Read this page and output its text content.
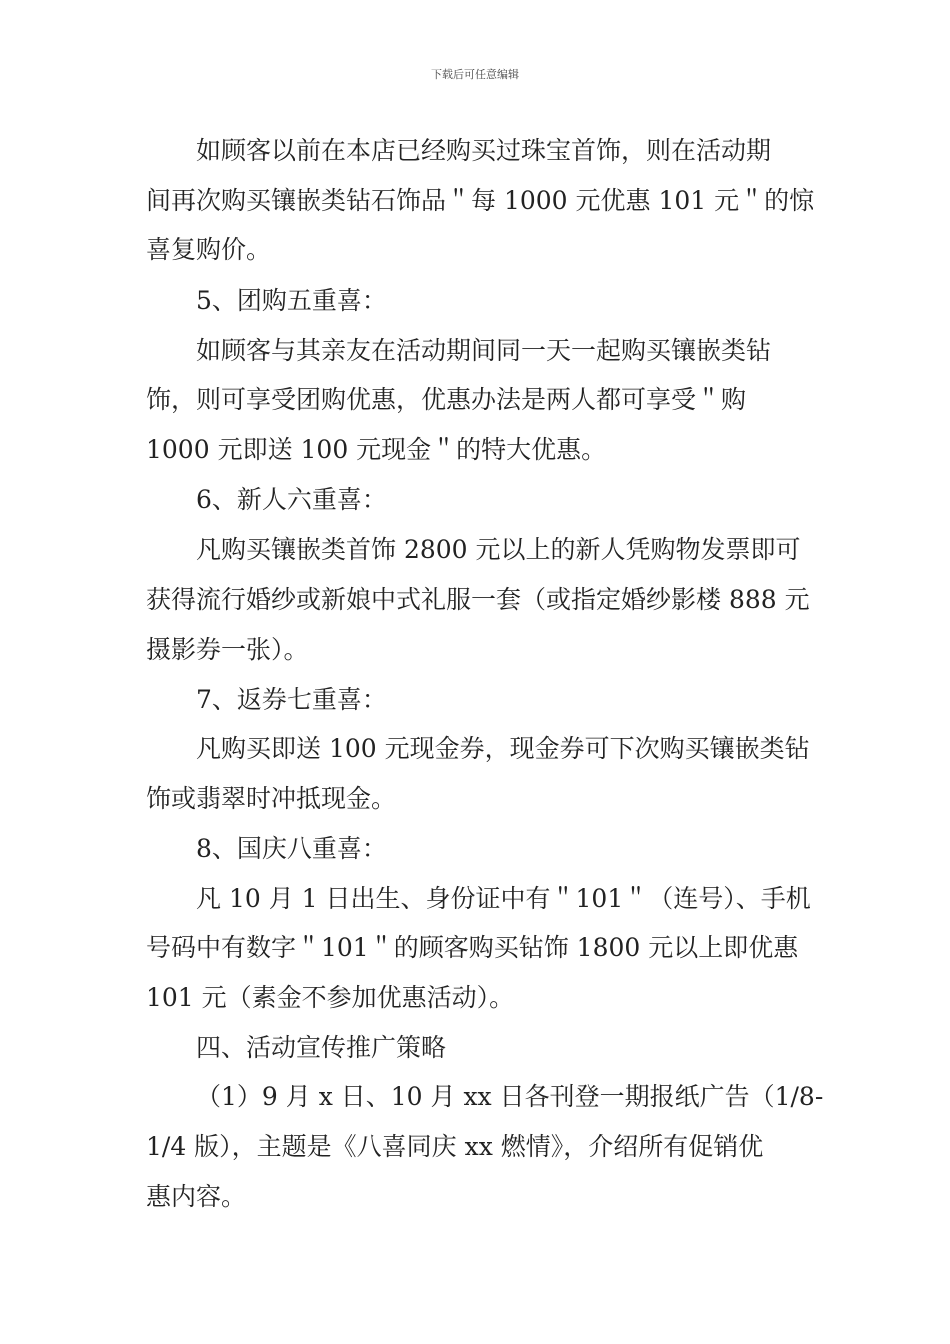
下载后可任意编辑
如顾客以前在本店已经购买过珠宝首饰，则在活动期
间再次购买镶嵌类钻石饰品＂每 1000 元优惠 101 元＂的惊
喜复购价。
5、团购五重喜：
如顾客与其亲友在活动期间同一天一起购买镶嵌类钻
饰，则可享受团购优惠，优惠办法是两人都可享受＂购
1000 元即送 100 元现金＂的特大优惠。
6、新人六重喜：
凡购买镶嵌类首饰 2800 元以上的新人凭购物发票即可
获得流行婚纱或新娘中式礼服一套（或指定婚纱影楼 888 元
摄影券一张）。
7、返券七重喜：
凡购买即送 100 元现金券，现金券可下次购买镶嵌类钻
饰或翡翠时冲抵现金。
8、国庆八重喜：
凡 10 月 1 日出生、身份证中有＂101＂（连号）、手机
号码中有数字＂101＂的顾客购买钻饰 1800 元以上即优惠
101 元（素金不参加优惠活动）。
四、活动宣传推广策略
（1）9 月 x 日、10 月 xx 日各刊登一期报纸广告（1/8-
1/4 版），主题是《八喜同庆 xx 燃情》，介绍所有促销优
惠内容。
